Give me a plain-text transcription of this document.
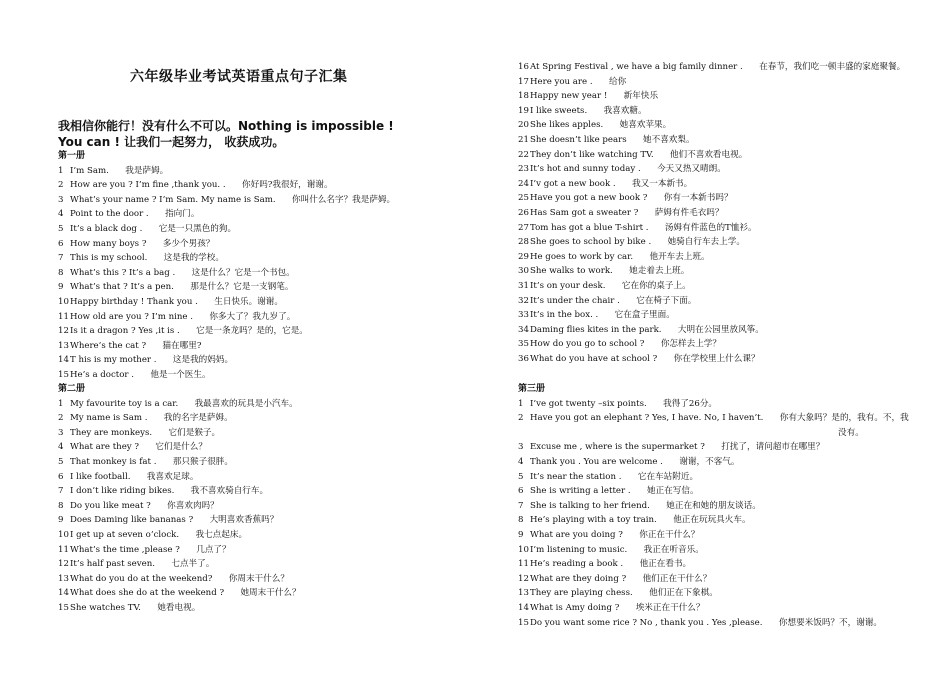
六年级毕业考试英语重点句子汇集
我相信你能行！没有什么不可以。Nothing is impossible !
You can ! 让我们一起努力， 收获成功。
第一册
1 I’m Sam. 我是萨姆。
2 How are you ? I’m fine ,thank you. . 你好吗?我很好，谢谢。
3 What’s your name ? I’m Sam. My name is Sam. 你叫什么名字？我是萨姆。
4 Point to the door . 指向门。
5 It’s a black dog . 它是一只黑色的狗。
6 How many boys ? 多少个男孩？
7 This is my school. 这是我的学校。
8 What’s this ? It’s a bag . 这是什么？它是一个书包。
9 What’s that ? It’s a pen. 那是什么？它是一支钢笔。
10Happy birthday ! Thank you . 生日快乐。谢谢。
11How old are you ? I’m nine . 你多大了？我九岁了。
12Is it a dragon ? Yes ,it is . 它是一条龙吗？是的，它是。
13Where’s the cat ? 猫在哪里?
14T his is my mother . 这是我的妈妈。
15He’s a doctor . 他是一个医生。
第二册
1 My favourite toy is a car. 我最喜欢的玩具是小汽车。
2 My name is Sam . 我的名字是萨姆。
3 They are monkeys. 它们是猴子。
4 What are they ? 它们是什么？
5 That monkey is fat . 那只猴子很胖。
6 I like football. 我喜欢足球。
7 I don’t like riding bikes. 我不喜欢骑自行车。
8 Do you like meat ? 你喜欢肉吗？
9 Does Daming like bananas ? 大明喜欢香蕉吗？
10I get up at seven o’clock. 我七点起床。
11What’s the time ,please ? 几点了？
12It’s half past seven. 七点半了。
13What do you do at the weekend? 你周末干什么？
14What does she do at the weekend ? 她周末干什么？
15She watches TV. 她看电视。
16At Spring Festival , we have a big family dinner . 在春节，我们吃一顿丰盛的家庭聚餐。
17Here you are . 给你
18Happy new year ! 新年快乐
19I like sweets. 我喜欢糖。
20She likes apples. 她喜欢苹果。
21She doesn’t like pears 她不喜欢梨。
22They don’t like watching TV. 他们不喜欢看电视。
23It’s hot and sunny today . 今天又热又晴朗。
24I’v got a new book . 我又一本新书。
25Have you got a new book ? 你有一本新书吗？
26Has Sam got a sweater ? 萨姆有件毛衣吗？
27Tom has got a blue T-shirt . 汤姆有件蓝色的T恤衫。
28She goes to school by bike . 她骑自行车去上学。
29He goes to work by car. 他开车去上班。
30She walks to work. 她走着去上班。
31It’s on your desk. 它在你的桌子上。
32It’s under the chair . 它在椅子下面。
33It’s in the box. . 它在盒子里面。
34Daming flies kites in the park. 大明在公园里放风筝。
35How do you go to school ? 你怎样去上学？
36What do you have at school ? 你在学校里上什么课？
第三册
1 I’ve got twenty –six points. 我得了26分。
2 Have you got an elephant ? Yes, I have. No, I haven’t. 你有大象吗？是的，我有。不，我
没有。
3 Excuse me , where is the supermarket ? 打扰了，请问超市在哪里？
4 Thank you . You are welcome . 谢谢，不客气。
5 It’s near the station . 它在车站附近。
6 She is writing a letter . 她正在写信。
7 She is talking to her friend. 她正在和她的朋友谈话。
8 He’s playing with a toy train. 他正在玩玩具火车。
9 What are you doing ? 你正在干什么？
10I’m listening to music. 我正在听音乐。
11He’s reading a book . 他正在看书。
12What are they doing ? 他们正在干什么？
13They are playing chess. 他们正在下象棋。
14What is Amy doing ? 埃米正在干什么？
15Do you want some rice ? No , thank you . Yes ,please. 你想要米饭吗？不，谢谢。
